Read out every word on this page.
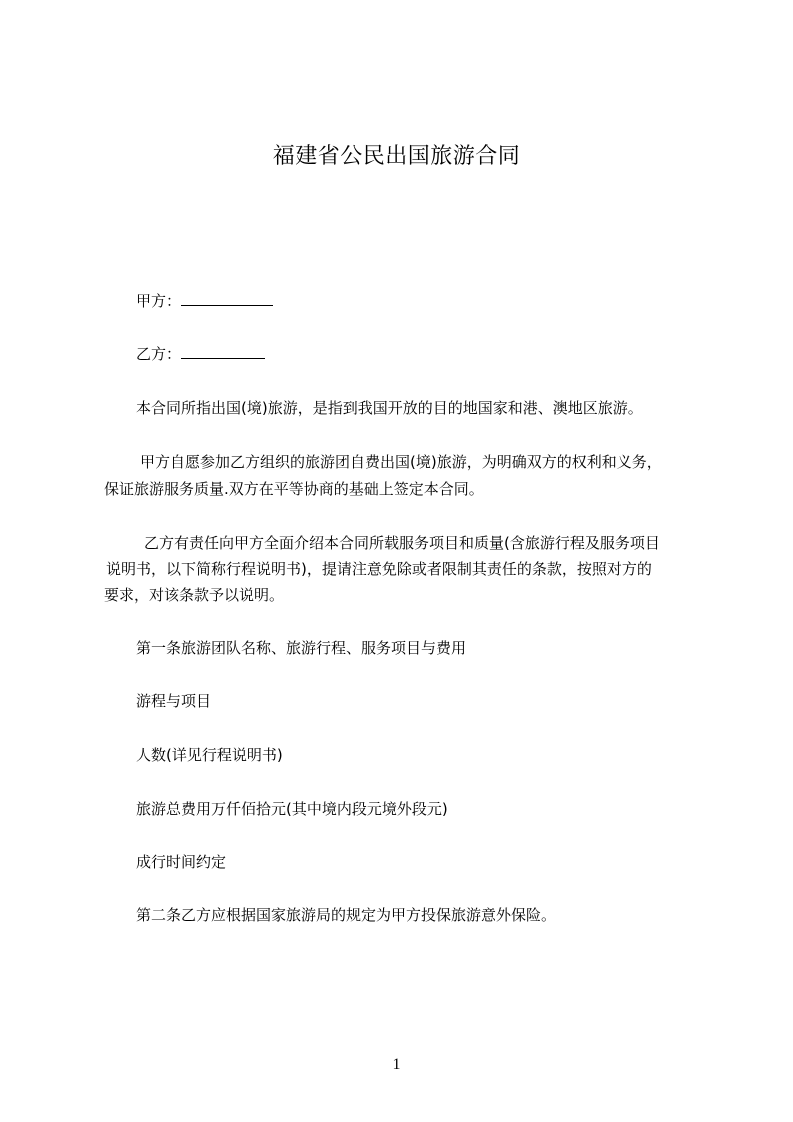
福建省公民出国旅游合同
甲方：
乙方：
本合同所指出国(境)旅游，是指到我国开放的目的地国家和港、澳地区旅游。
甲方自愿参加乙方组织的旅游团自费出国(境)旅游，为明确双方的权利和义务，
保证旅游服务质量.双方在平等协商的基础上签定本合同。
乙方有责任向甲方全面介绍本合同所载服务项目和质量(含旅游行程及服务项目
说明书，以下简称行程说明书)，提请注意免除或者限制其责任的条款，按照对方的
要求，对该条款予以说明。
第一条旅游团队名称、旅游行程、服务项目与费用
游程与项目
人数(详见行程说明书)
旅游总费用万仟佰拾元(其中境内段元境外段元)
成行时间约定
第二条乙方应根据国家旅游局的规定为甲方投保旅游意外保险。
1
